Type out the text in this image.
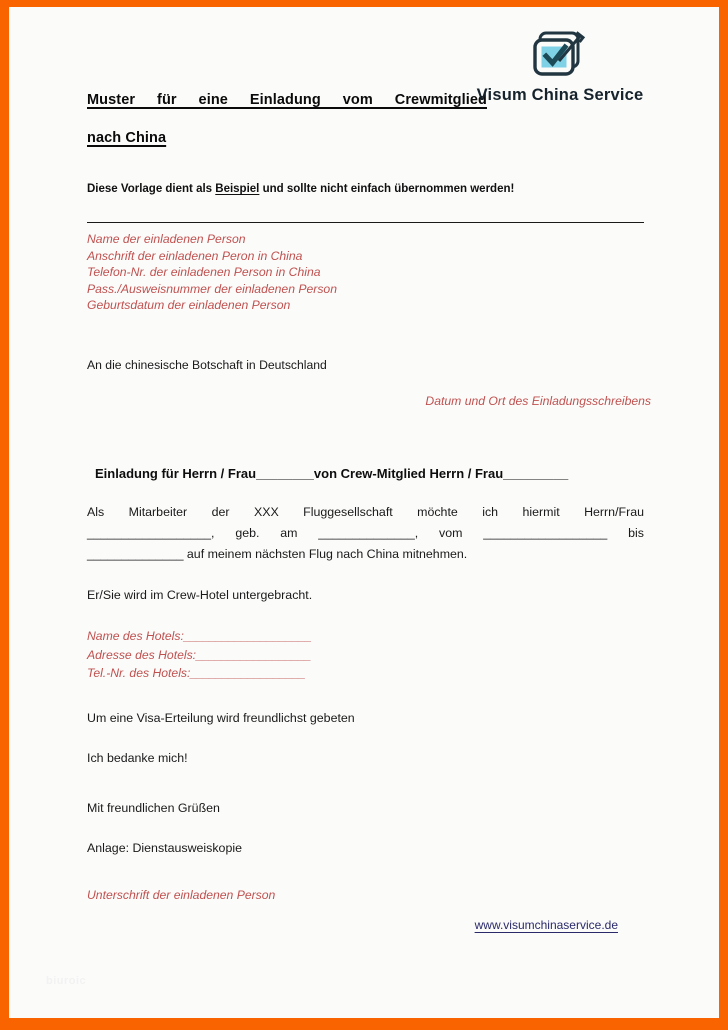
Muster für eine Einladung vom Crewmitglied
nach China
Visum China Service
Diese Vorlage dient als Beispiel und sollte nicht einfach übernommen werden!
Name der einladenen Person
Anschrift der einladenen Peron in China
Telefon-Nr. der einladenen Person in China
Pass./Ausweisnummer der einladenen Person
Geburtsdatum der einladenen Person
An die chinesische Botschaft in Deutschland
Datum und Ort des Einladungsschreibens
Einladung für Herrn / Frau________von Crew-Mitglied Herrn / Frau_________
Als Mitarbeiter der XXX Fluggesellschaft möchte ich hiermit Herrn/Frau
__________________, geb. am ______________, vom __________________ bis
______________ auf meinem nächsten Flug nach China mitnehmen.
Er/Sie wird im Crew-Hotel untergebracht.
Name des Hotels:____________________
Adresse des Hotels:__________________
Tel.-Nr. des Hotels:__________________
Um eine Visa-Erteilung wird freundlichst gebeten
Ich bedanke mich!
Mit freundlichen Grüßen
Anlage: Dienstausweiskopie
Unterschrift der einladenen Person
www.visumchinaservice.de
biuroic
